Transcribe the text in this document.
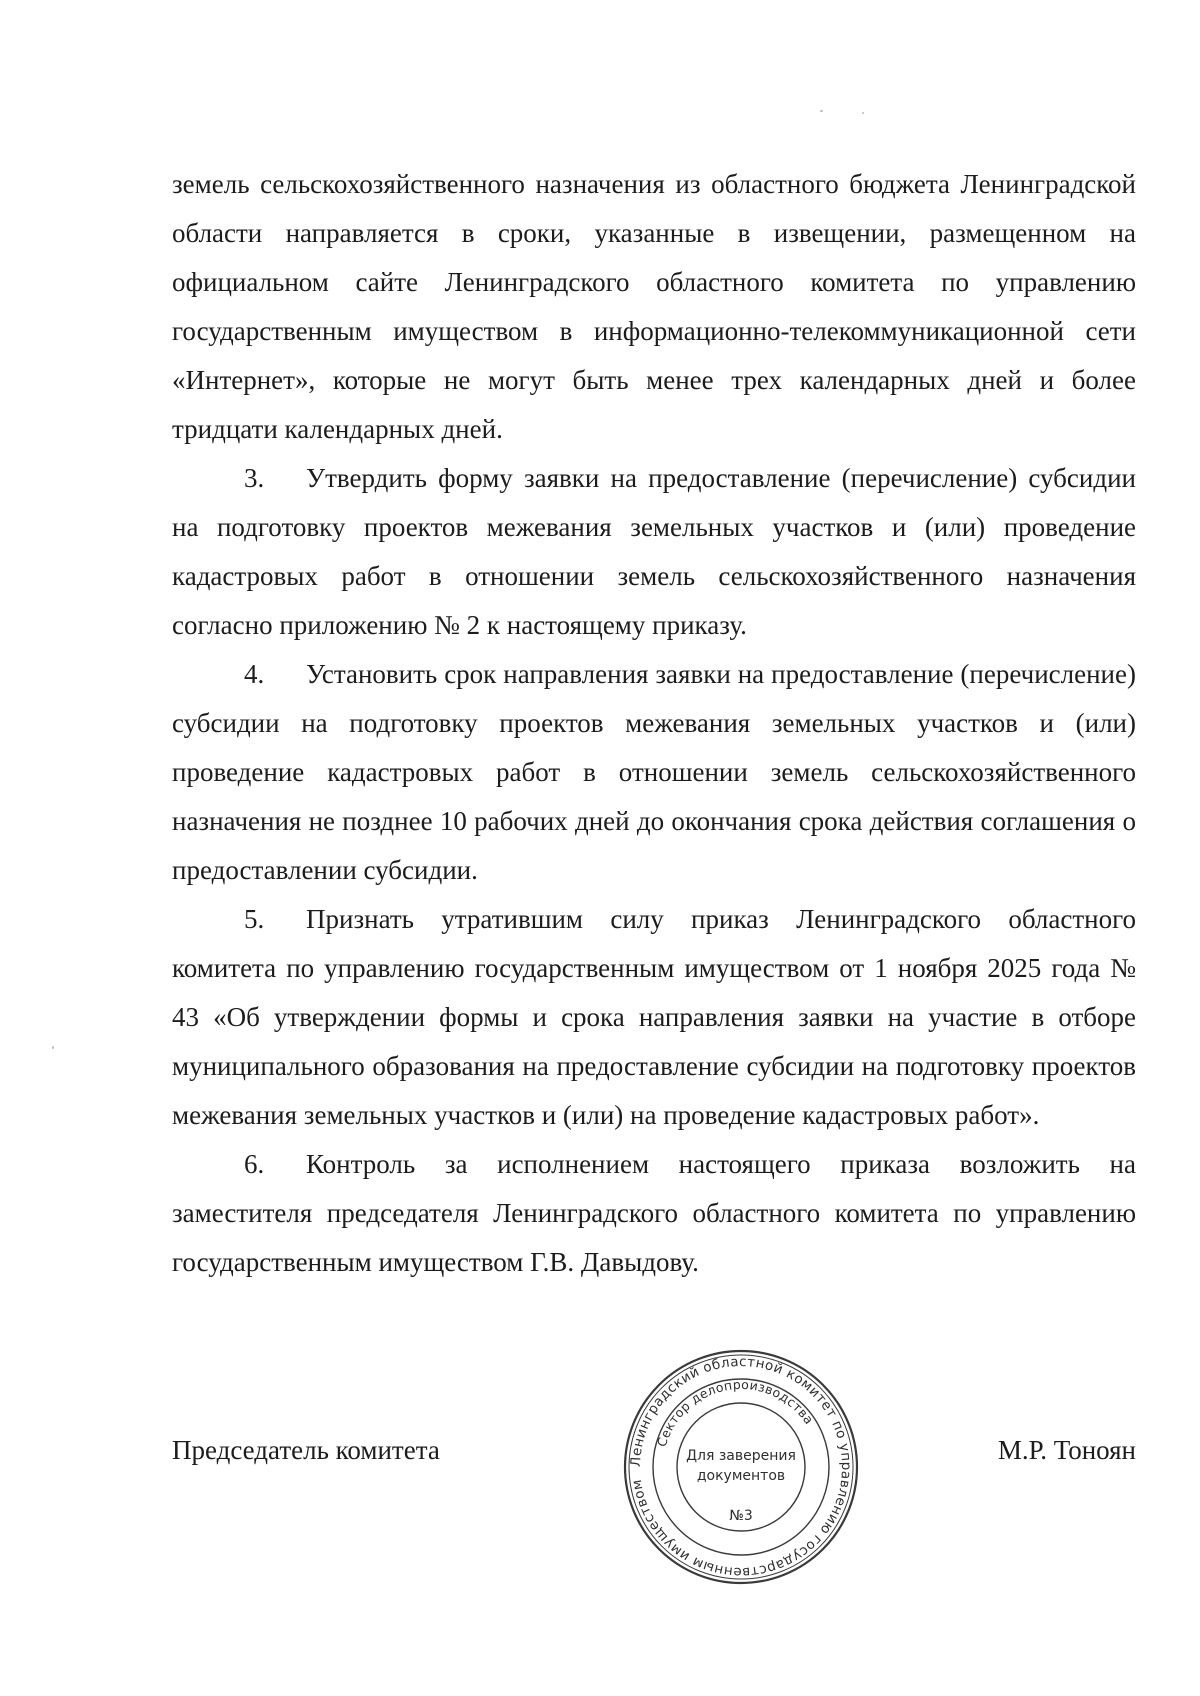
земель сельскохозяйственного назначения из областного бюджета Ленинградской области направляется в сроки, указанные в извещении, размещенном на официальном сайте Ленинградского областного комитета по управлению государственным имуществом в информационно-телекоммуникационной сети «Интернет», которые не могут быть менее трех календарных дней и более тридцати календарных дней.

3. Утвердить форму заявки на предоставление (перечисление) субсидии на подготовку проектов межевания земельных участков и (или) проведение кадастровых работ в отношении земель сельскохозяйственного назначения согласно приложению № 2 к настоящему приказу.

4. Установить срок направления заявки на предоставление (перечисление) субсидии на подготовку проектов межевания земельных участков и (или) проведение кадастровых работ в отношении земель сельскохозяйственного назначения не позднее 10 рабочих дней до окончания срока действия соглашения о предоставлении субсидии.

5. Признать утратившим силу приказ Ленинградского областного комитета по управлению государственным имуществом от 1 ноября 2025 года № 43 «Об утверждении формы и срока направления заявки на участие в отборе муниципального образования на предоставление субсидии на подготовку проектов межевания земельных участков и (или) на проведение кадастровых работ».

6. Контроль за исполнением настоящего приказа возложить на заместителя председателя Ленинградского областного комитета по управлению государственным имуществом Г.В. Давыдову.

Председатель комитета	М.Р. Тоноян
Ленинградский областной комитет по управлению государственным имуществом
Сектор делопроизводства
Для заверения
документов
№3
